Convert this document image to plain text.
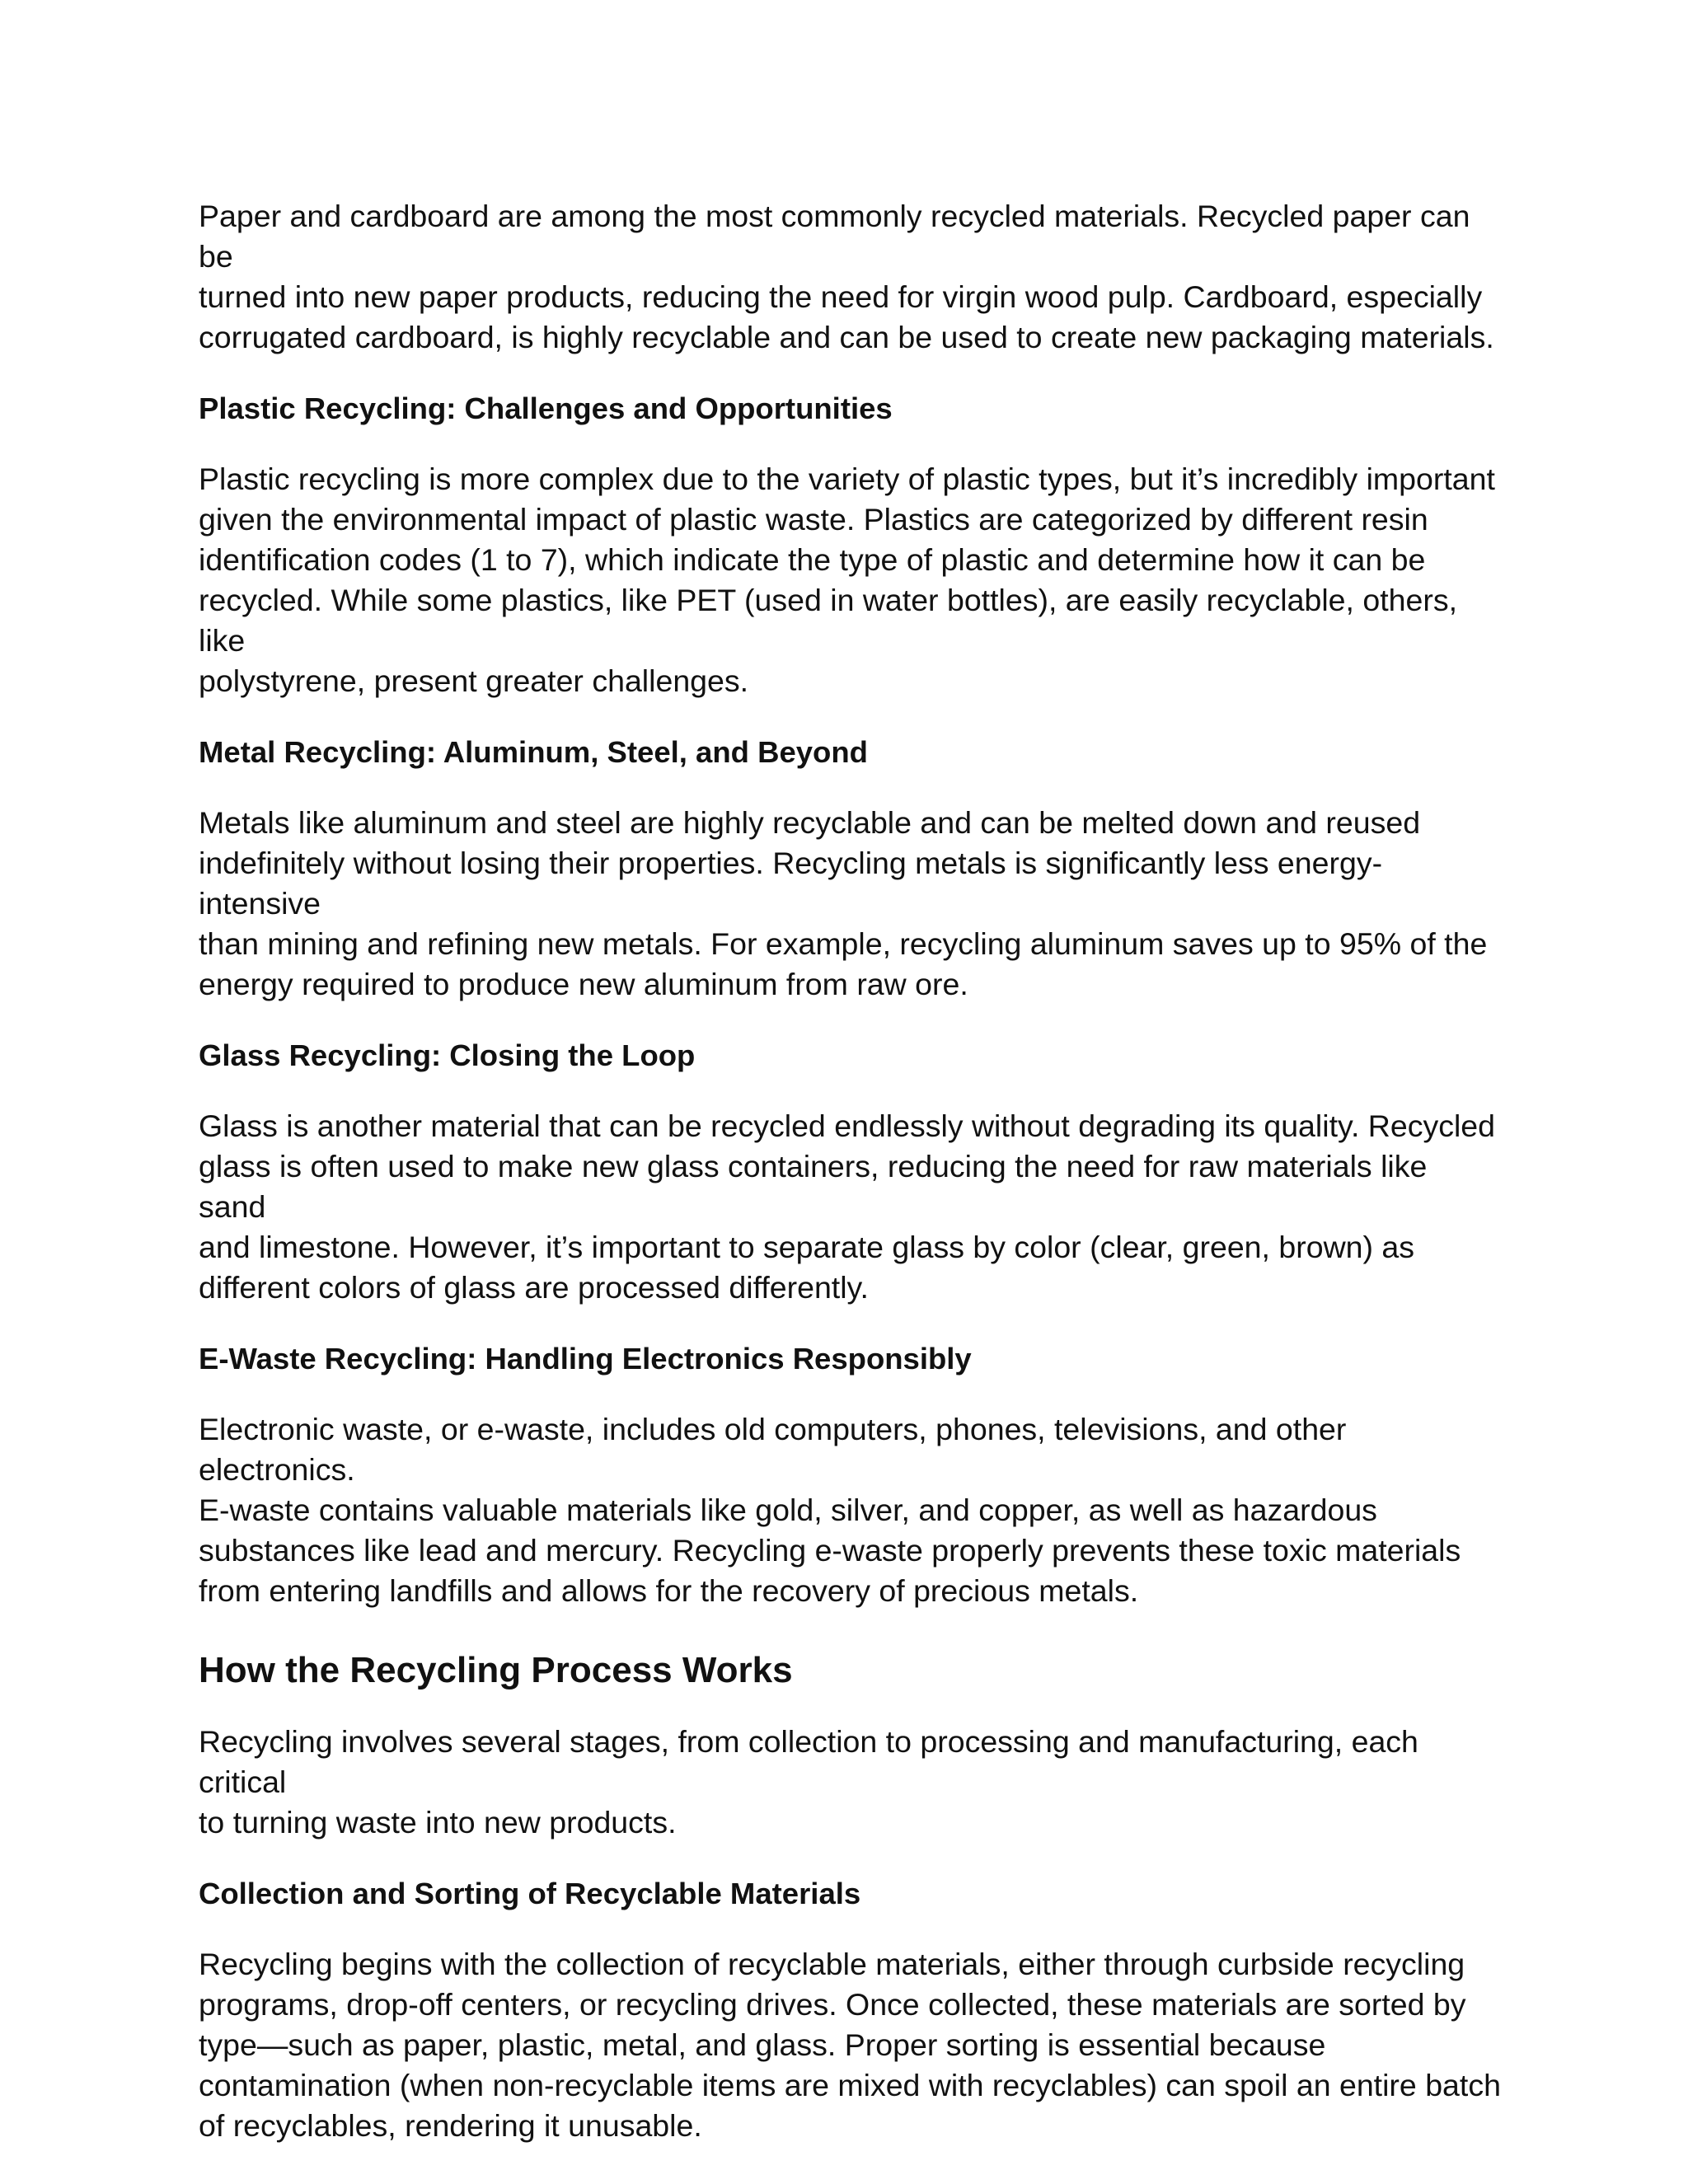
Paper and cardboard are among the most commonly recycled materials. Recycled paper can be
turned into new paper products, reducing the need for virgin wood pulp. Cardboard, especially
corrugated cardboard, is highly recyclable and can be used to create new packaging materials.

Plastic Recycling: Challenges and Opportunities

Plastic recycling is more complex due to the variety of plastic types, but it’s incredibly important
given the environmental impact of plastic waste. Plastics are categorized by different resin
identification codes (1 to 7), which indicate the type of plastic and determine how it can be
recycled. While some plastics, like PET (used in water bottles), are easily recyclable, others, like
polystyrene, present greater challenges.

Metal Recycling: Aluminum, Steel, and Beyond

Metals like aluminum and steel are highly recyclable and can be melted down and reused
indefinitely without losing their properties. Recycling metals is significantly less energy-intensive
than mining and refining new metals. For example, recycling aluminum saves up to 95% of the
energy required to produce new aluminum from raw ore.

Glass Recycling: Closing the Loop

Glass is another material that can be recycled endlessly without degrading its quality. Recycled
glass is often used to make new glass containers, reducing the need for raw materials like sand
and limestone. However, it’s important to separate glass by color (clear, green, brown) as
different colors of glass are processed differently.

E-Waste Recycling: Handling Electronics Responsibly

Electronic waste, or e-waste, includes old computers, phones, televisions, and other electronics.
E-waste contains valuable materials like gold, silver, and copper, as well as hazardous
substances like lead and mercury. Recycling e-waste properly prevents these toxic materials
from entering landfills and allows for the recovery of precious metals.

How the Recycling Process Works

Recycling involves several stages, from collection to processing and manufacturing, each critical
to turning waste into new products.

Collection and Sorting of Recyclable Materials

Recycling begins with the collection of recyclable materials, either through curbside recycling
programs, drop-off centers, or recycling drives. Once collected, these materials are sorted by
type—such as paper, plastic, metal, and glass. Proper sorting is essential because
contamination (when non-recyclable items are mixed with recyclables) can spoil an entire batch
of recyclables, rendering it unusable.
